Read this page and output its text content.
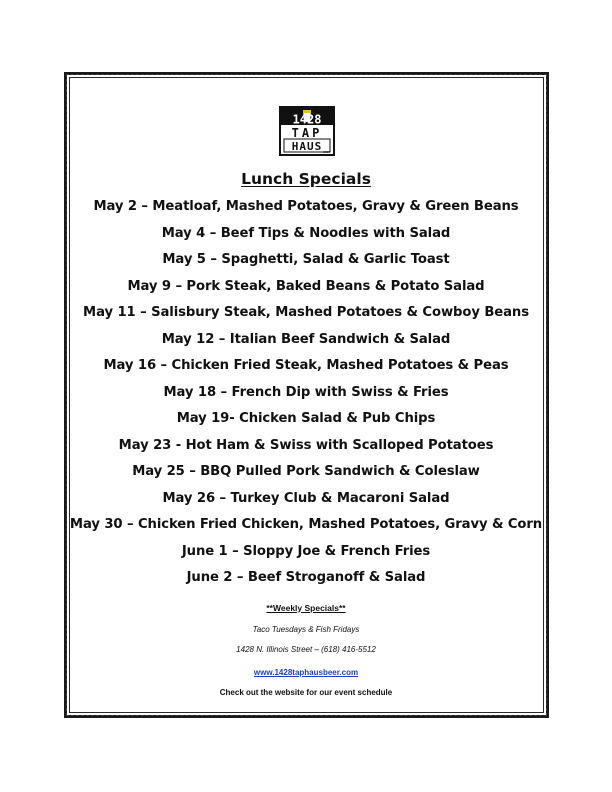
1428
TAP
HAUS BEER
Lunch Specials
May 2 – Meatloaf, Mashed Potatoes, Gravy & Green Beans
May 4 – Beef Tips & Noodles with Salad
May 5 – Spaghetti, Salad & Garlic Toast
May 9 – Pork Steak, Baked Beans & Potato Salad
May 11 – Salisbury Steak, Mashed Potatoes & Cowboy Beans
May 12 – Italian Beef Sandwich & Salad
May 16 – Chicken Fried Steak, Mashed Potatoes & Peas
May 18 – French Dip with Swiss & Fries
May 19- Chicken Salad & Pub Chips
May 23 - Hot Ham & Swiss with Scalloped Potatoes
May 25 – BBQ Pulled Pork Sandwich & Coleslaw
May 26 – Turkey Club & Macaroni Salad
May 30 – Chicken Fried Chicken, Mashed Potatoes, Gravy & Corn
June 1 – Sloppy Joe & French Fries
June 2 – Beef Stroganoff & Salad
**Weekly Specials**
Taco Tuesdays & Fish Fridays
1428 N. Illinois Street – (618) 416-5512
www.1428taphausbeer.com
Check out the website for our event schedule
